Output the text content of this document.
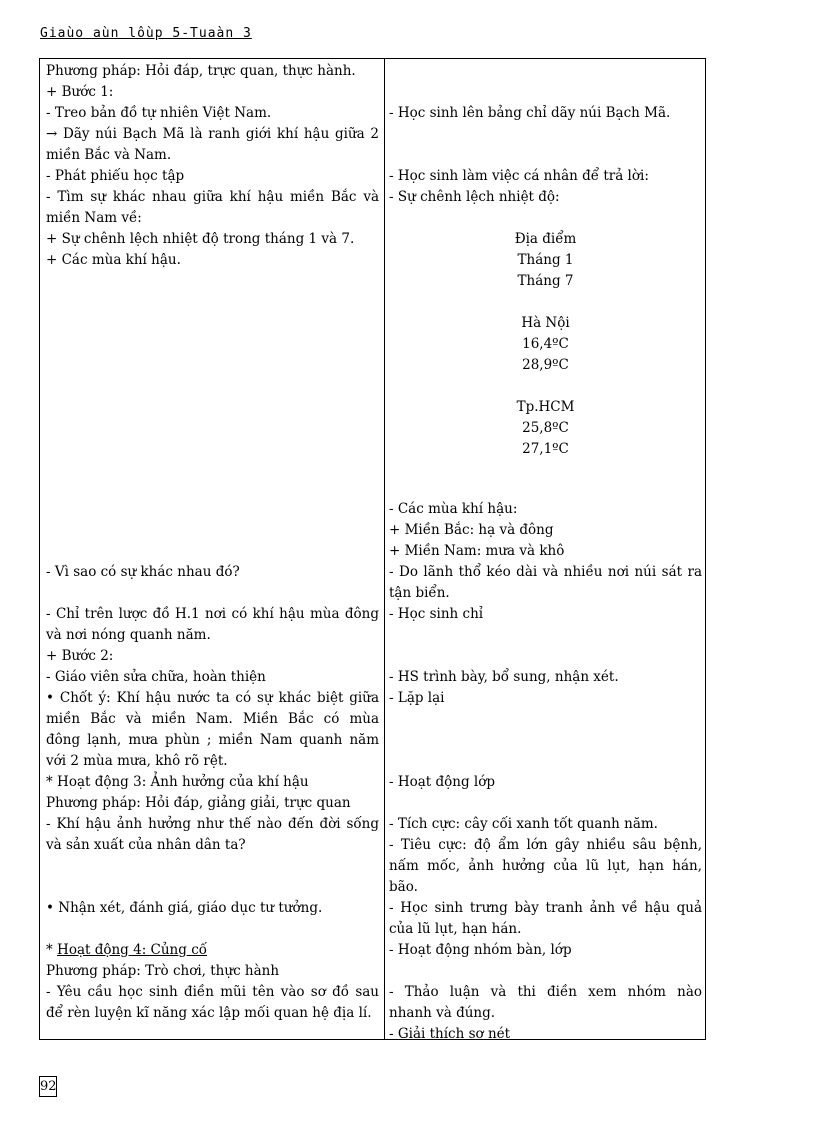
Giaùo aùn lôùp 5-Tuaàn 3
Phương pháp: Hỏi đáp, trực quan, thực hành.
+ Bước 1:
- Treo bản đồ tự nhiên Việt Nam.
→ Dãy núi Bạch Mã là ranh giới khí hậu giữa 2
miền Bắc và Nam.
- Phát phiếu học tập
- Tìm sự khác nhau giữa khí hậu miền Bắc và
miền Nam về:
+ Sự chênh lệch nhiệt độ trong tháng 1 và 7.
+ Các mùa khí hậu.
- Vì sao có sự khác nhau đó?
- Chỉ trên lược đồ H.1 nơi có khí hậu mùa đông
và nơi nóng quanh năm.
+ Bước 2:
- Giáo viên sửa chữa, hoàn thiện
• Chốt ý: Khí hậu nước ta có sự khác biệt giữa
miền Bắc và miền Nam. Miền Bắc có mùa
đông lạnh, mưa phùn ; miền Nam quanh năm
với 2 mùa mưa, khô rõ rệt.
* Hoạt động 3: Ảnh hưởng của khí hậu
Phương pháp: Hỏi đáp, giảng giải, trực quan
- Khí hậu ảnh hưởng như thế nào đến đời sống
và sản xuất của nhân dân ta?
• Nhận xét, đánh giá, giáo dục tư tưởng.
* Hoạt động 4: Củng cố
Phương pháp: Trò chơi, thực hành
- Yêu cầu học sinh điền mũi tên vào sơ đồ sau
để rèn luyện kĩ năng xác lập mối quan hệ địa lí.
- Học sinh lên bảng chỉ dãy núi Bạch Mã.
- Học sinh làm việc cá nhân để trả lời:
- Sự chênh lệch nhiệt độ:
Địa điểm
Tháng 1
Tháng 7
Hà Nội
16,4ºC
28,9ºC
Tp.HCM
25,8ºC
27,1ºC
- Các mùa khí hậu:
+ Miền Bắc: hạ và đông
+ Miền Nam: mưa và khô
- Do lãnh thổ kéo dài và nhiều nơi núi sát ra
tận biển.
- Học sinh chỉ
- HS trình bày, bổ sung, nhận xét.
- Lặp lại
- Hoạt động lớp
- Tích cực: cây cối xanh tốt quanh năm.
- Tiêu cực: độ ẩm lớn gây nhiều sâu bệnh,
nấm mốc, ảnh hưởng của lũ lụt, hạn hán,
bão.
- Học sinh trưng bày tranh ảnh về hậu quả
của lũ lụt, hạn hán.
- Hoạt động nhóm bàn, lớp
- Thảo luận và thi điền xem nhóm nào
nhanh và đúng.
- Giải thích sơ nét
92
